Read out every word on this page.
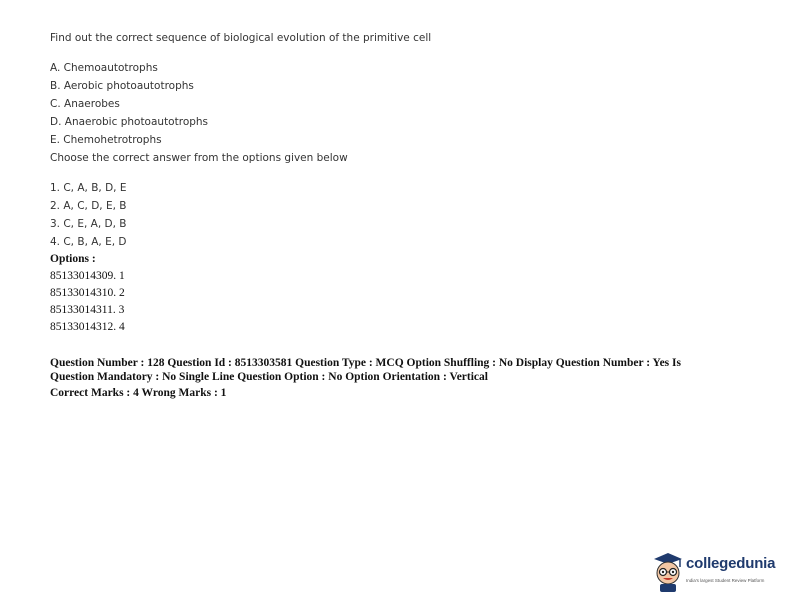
Find out the correct sequence of biological evolution of the primitive cell
A. Chemoautotrophs
B. Aerobic photoautotrophs
C. Anaerobes
D. Anaerobic photoautotrophs
E. Chemohetrotrophs
Choose the correct answer from the options given below
1. C, A, B, D, E
2. A, C, D, E, B
3. C, E, A, D, B
4. C, B, A, E, D
Options :
85133014309. 1
85133014310. 2
85133014311. 3
85133014312. 4
Question Number : 128 Question Id : 8513303581 Question Type : MCQ Option Shuffling : No Display Question Number : Yes Is
Question Mandatory : No Single Line Question Option : No Option Orientation : Vertical
Correct Marks : 4 Wrong Marks : 1
collegedunia
India's largest Student Review Platform
